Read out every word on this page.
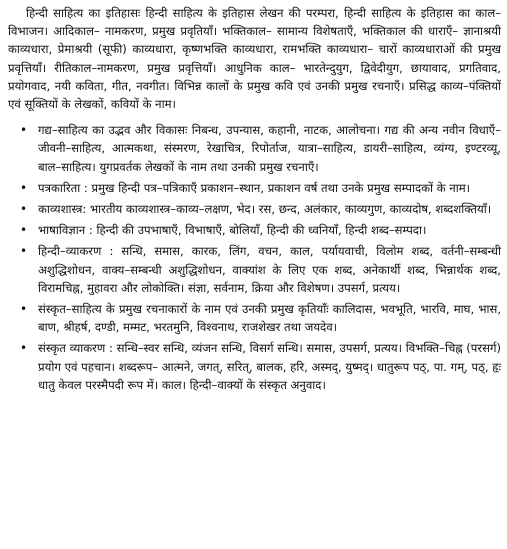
हिन्दी साहित्य का इतिहासः हिन्दी साहित्य के इतिहास लेखन की परम्परा, हिन्दी साहित्य के इतिहास का काल–विभाजन। आदिकाल– नामकरण, प्रमुख प्रवृतियाँ। भक्तिकाल– सामान्य विशेषताएँ, भक्तिकाल की धाराएँ– ज्ञानाश्रयी काव्यधारा, प्रेमाश्रयी (सूफी) काव्यधारा, कृष्णभक्ति काव्यधारा, रामभक्ति काव्यधारा– चारों काव्यधाराओं की प्रमुख प्रवृत्तियाँ। रीतिकाल–नामकरण, प्रमुख प्रवृत्तियाँ। आधुनिक काल– भारतेन्दुयुग, द्विवेदीयुग, छायावाद, प्रगतिवाद, प्रयोगवाद, नयी कविता, गीत, नवगीत। विभिन्न कालों के प्रमुख कवि एवं उनकी प्रमुख रचनाएँ। प्रसिद्ध काव्य–पंक्तियों एवं सूक्तियों के लेखकों, कवियों के नाम।

• गद्य–साहित्य का उद्भव और विकासः निबन्ध, उपन्यास, कहानी, नाटक, आलोचना। गद्य की अन्य नवीन विधाएँ–जीवनी–साहित्य, आत्मकथा, संस्मरण, रेखाचित्र, रिपोर्ताज, यात्रा–साहित्य, डायरी–साहित्य, व्यंग्य, इण्टरव्यू, बाल–साहित्य। युगप्रवर्तक लेखकों के नाम तथा उनकी प्रमुख रचनाएँ।
• पत्रकारिता : प्रमुख हिन्दी पत्र–पत्रिकाएँ प्रकाशन–स्थान, प्रकाशन वर्ष तथा उनके प्रमुख सम्पादकों के नाम।
• काव्यशास्त्र: भारतीय काव्यशास्त्र–काव्य–लक्षण, भेद। रस, छन्द, अलंकार, काव्यगुण, काव्यदोष, शब्दशक्तियाँ।
• भाषाविज्ञान : हिन्दी की उपभाषाएँ, विभाषाएँ, बोलियाँ, हिन्दी की ध्वनियाँ, हिन्दी शब्द–सम्पदा।
• हिन्दी–व्याकरण : सन्धि, समास, कारक, लिंग, वचन, काल, पर्यायवाची, विलोम शब्द, वर्तनी–सम्बन्धी अशुद्धिशोधन, वाक्य–सम्बन्धी अशुद्धिशोधन, वाक्यांश के लिए एक शब्द, अनेकार्थी शब्द, भिन्नार्थक शब्द, विरामचिह्न, मुहावरा और लोकोक्ति। संज्ञा, सर्वनाम, क्रिया और विशेषण। उपसर्ग, प्रत्यय।
• संस्कृत–साहित्य के प्रमुख रचनाकारों के नाम एवं उनकी प्रमुख कृतियाँः कालिदास, भवभूति, भारवि, माघ, भास, बाण, श्रीहर्ष, दण्डी, मम्मट, भरतमुनि, विश्वनाथ, राजशेखर तथा जयदेव।
• संस्कृत व्याकरण : सन्धि–स्वर सन्धि, व्यंजन सन्धि, विसर्ग सन्धि। समास, उपसर्ग, प्रत्यय। विभक्ति–चिह्न (परसर्ग) प्रयोग एवं पहचान। शब्दरूप– आत्मने, जगत्, सरित्, बालक, हरि, अस्मद्, युष्मद्। धातुरूप पठ्, पा. गम्, पठ्, हृः धातु केवल परस्मैपदी रूप में। काल। हिन्दी–वाक्यों के संस्कृत अनुवाद।
